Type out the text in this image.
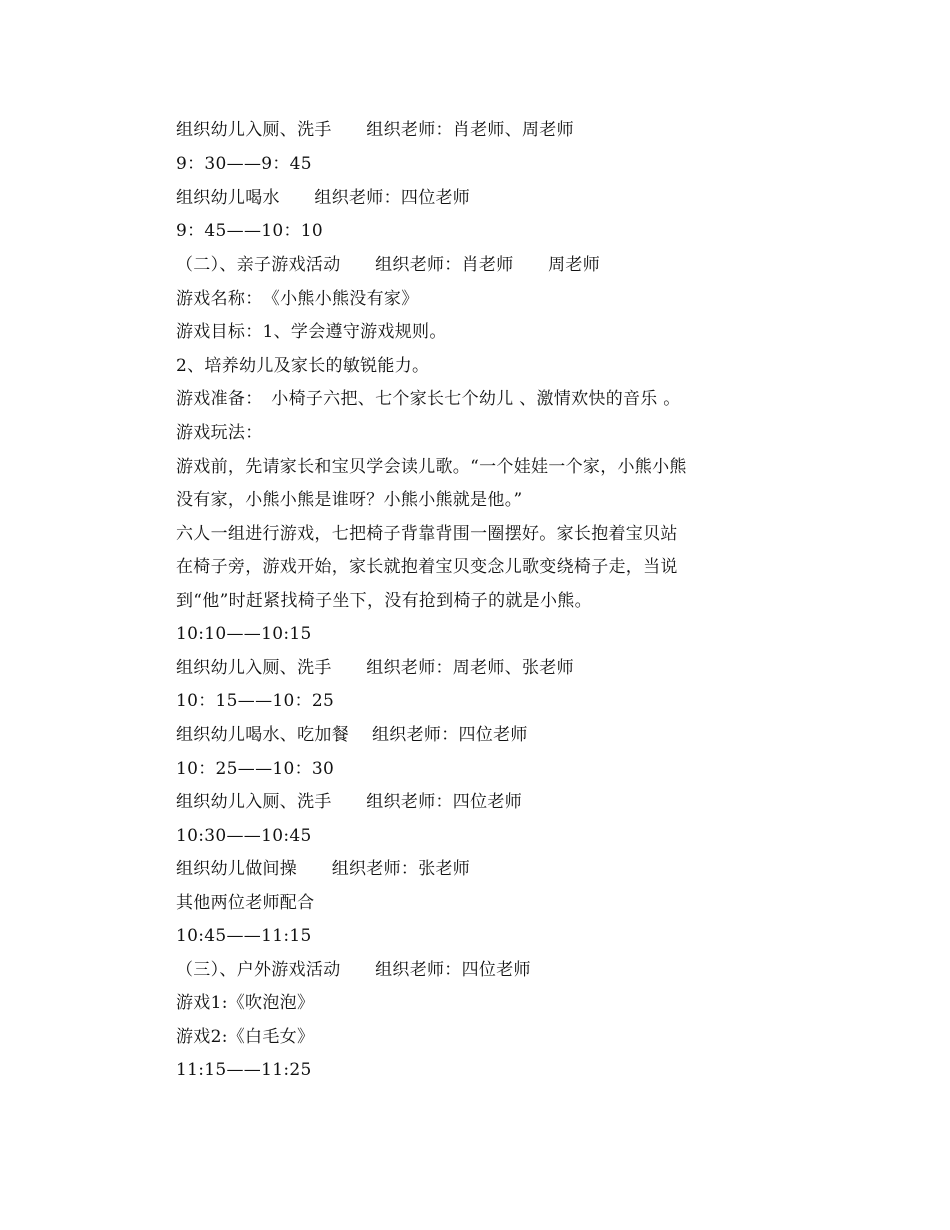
组织幼儿入厕、洗手　　组织老师：肖老师、周老师
9：30——9：45
组织幼儿喝水　　组织老师：四位老师
9：45——10：10
（二）、亲子游戏活动　　组织老师：肖老师　　周老师
游戏名称：　《小熊小熊没有家》
游戏目标：1、学会遵守游戏规则。
2、培养幼儿及家长的敏锐能力。
游戏准备：　小椅子六把、七个家长七个幼儿 、激情欢快的音乐 。
游戏玩法：
游戏前，先请家长和宝贝学会读儿歌。“一个娃娃一个家，小熊小熊
没有家，小熊小熊是谁呀？小熊小熊就是他。”
六人一组进行游戏，七把椅子背靠背围一圈摆好。家长抱着宝贝站
在椅子旁，游戏开始，家长就抱着宝贝变念儿歌变绕椅子走，当说
到“他”时赶紧找椅子坐下，没有抢到椅子的就是小熊。
10:10——10:15
组织幼儿入厕、洗手　　组织老师：周老师、张老师
10：15——10：25
组织幼儿喝水、吃加餐　 组织老师：四位老师
10：25——10：30
组织幼儿入厕、洗手　　组织老师：四位老师
10:30——10:45
组织幼儿做间操　　组织老师：张老师
其他两位老师配合
10:45——11:15
（三）、户外游戏活动　　组织老师：四位老师
游戏1:《吹泡泡》
游戏2:《白毛女》
11:15——11:25
